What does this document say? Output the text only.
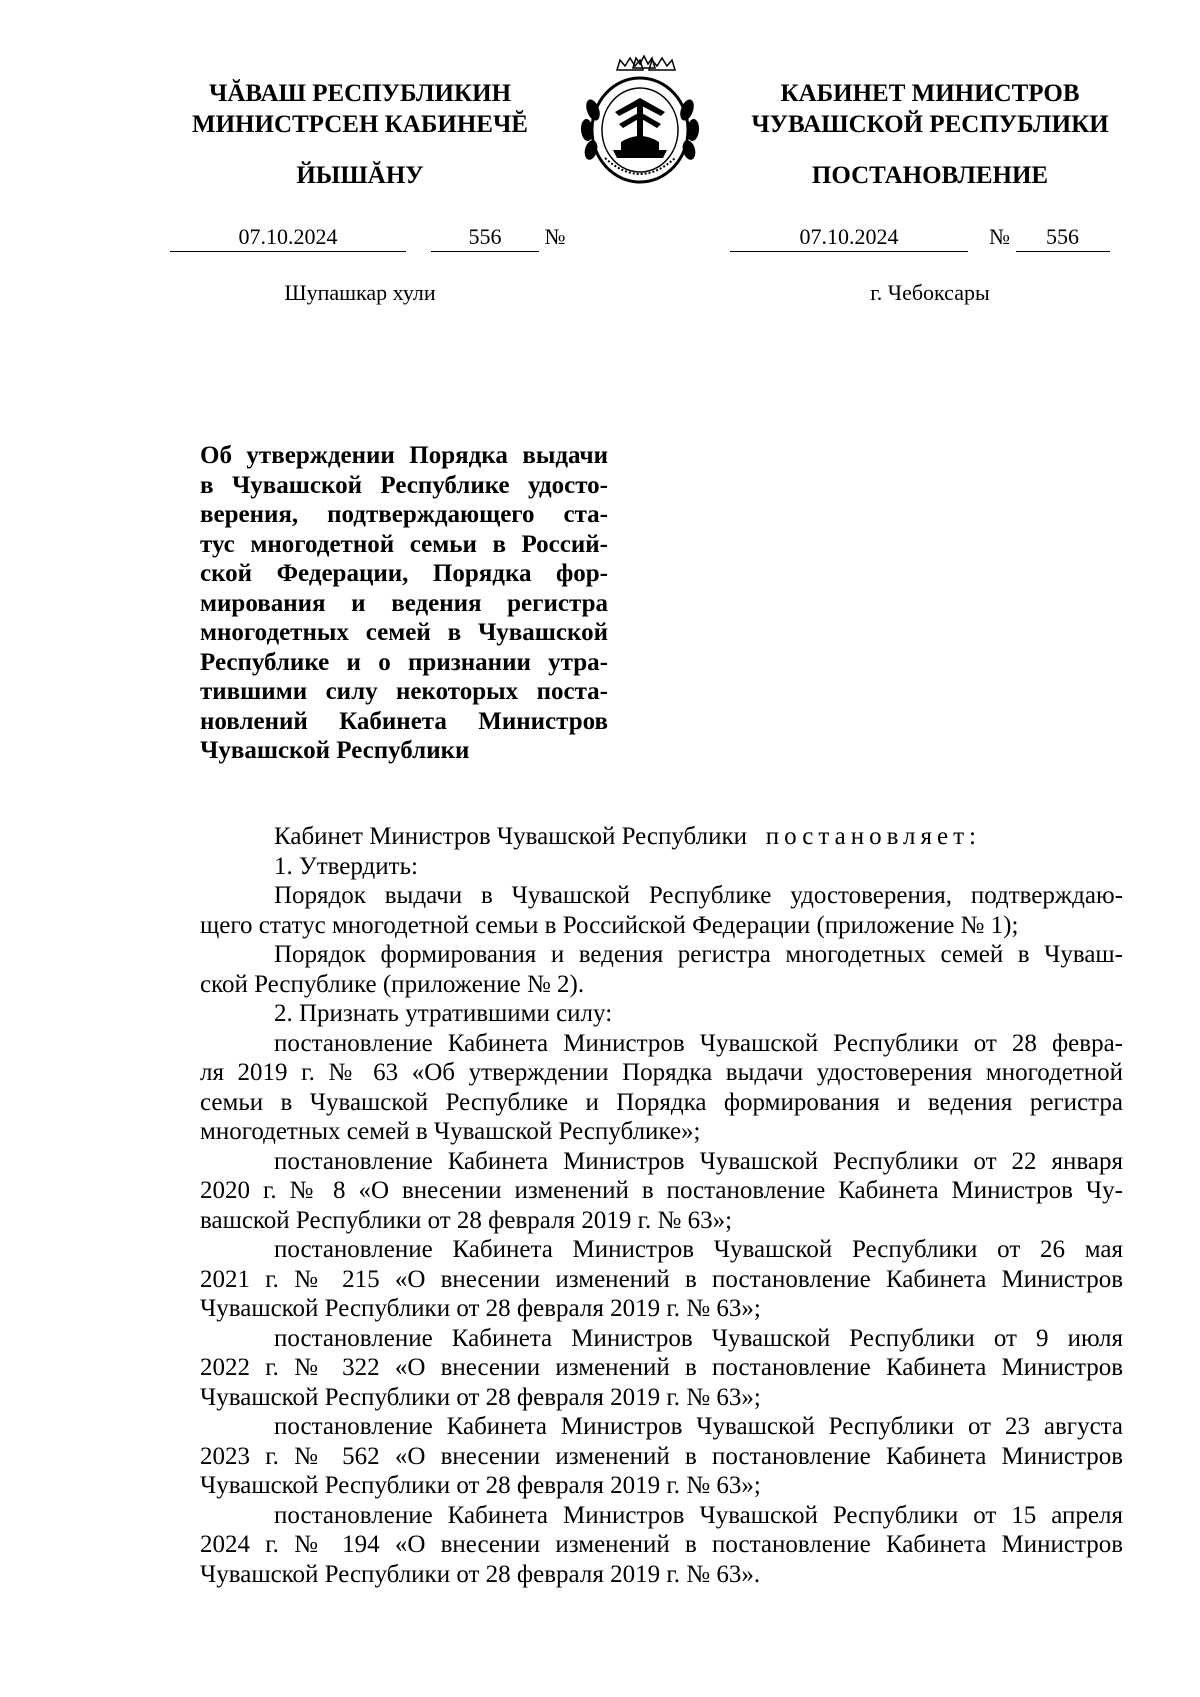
ЧĂВАШ РЕСПУБЛИКИН
МИНИСТРСЕН КАБИНЕЧĔ
ЙЫШĂНУ
КАБИНЕТ МИНИСТРОВ
ЧУВАШСКОЙ РЕСПУБЛИКИ
ПОСТАНОВЛЕНИЕ
07.10.2024	556 №	07.10.2024	№ 556
Шупашкар хули	г. Чебоксары
Об утверждении Порядка выдачи
в Чувашской Республике удосто-
верения, подтверждающего ста-
тус многодетной семьи в Россий-
ской Федерации, Порядка фор-
мирования и ведения регистра
многодетных семей в Чувашской
Республике и о признании утра-
тившими силу некоторых поста-
новлений Кабинета Министров
Чувашской Республики
Кабинет Министров Чувашской Республики постановляет:
1. Утвердить:
Порядок выдачи в Чувашской Республике удостоверения, подтверждаю-
щего статус многодетной семьи в Российской Федерации (приложение № 1);
Порядок формирования и ведения регистра многодетных семей в Чуваш-
ской Республике (приложение № 2).
2. Признать утратившими силу:
постановление Кабинета Министров Чувашской Республики от 28 февра-
ля 2019 г. № 63 «Об утверждении Порядка выдачи удостоверения многодетной
семьи в Чувашской Республике и Порядка формирования и ведения регистра
многодетных семей в Чувашской Республике»;
постановление Кабинета Министров Чувашской Республики от 22 января
2020 г. № 8 «О внесении изменений в постановление Кабинета Министров Чу-
вашской Республики от 28 февраля 2019 г. № 63»;
постановление Кабинета Министров Чувашской Республики от 26 мая
2021 г. № 215 «О внесении изменений в постановление Кабинета Министров
Чувашской Республики от 28 февраля 2019 г. № 63»;
постановление Кабинета Министров Чувашской Республики от 9 июля
2022 г. № 322 «О внесении изменений в постановление Кабинета Министров
Чувашской Республики от 28 февраля 2019 г. № 63»;
постановление Кабинета Министров Чувашской Республики от 23 августа
2023 г. № 562 «О внесении изменений в постановление Кабинета Министров
Чувашской Республики от 28 февраля 2019 г. № 63»;
постановление Кабинета Министров Чувашской Республики от 15 апреля
2024 г. № 194 «О внесении изменений в постановление Кабинета Министров
Чувашской Республики от 28 февраля 2019 г. № 63».
